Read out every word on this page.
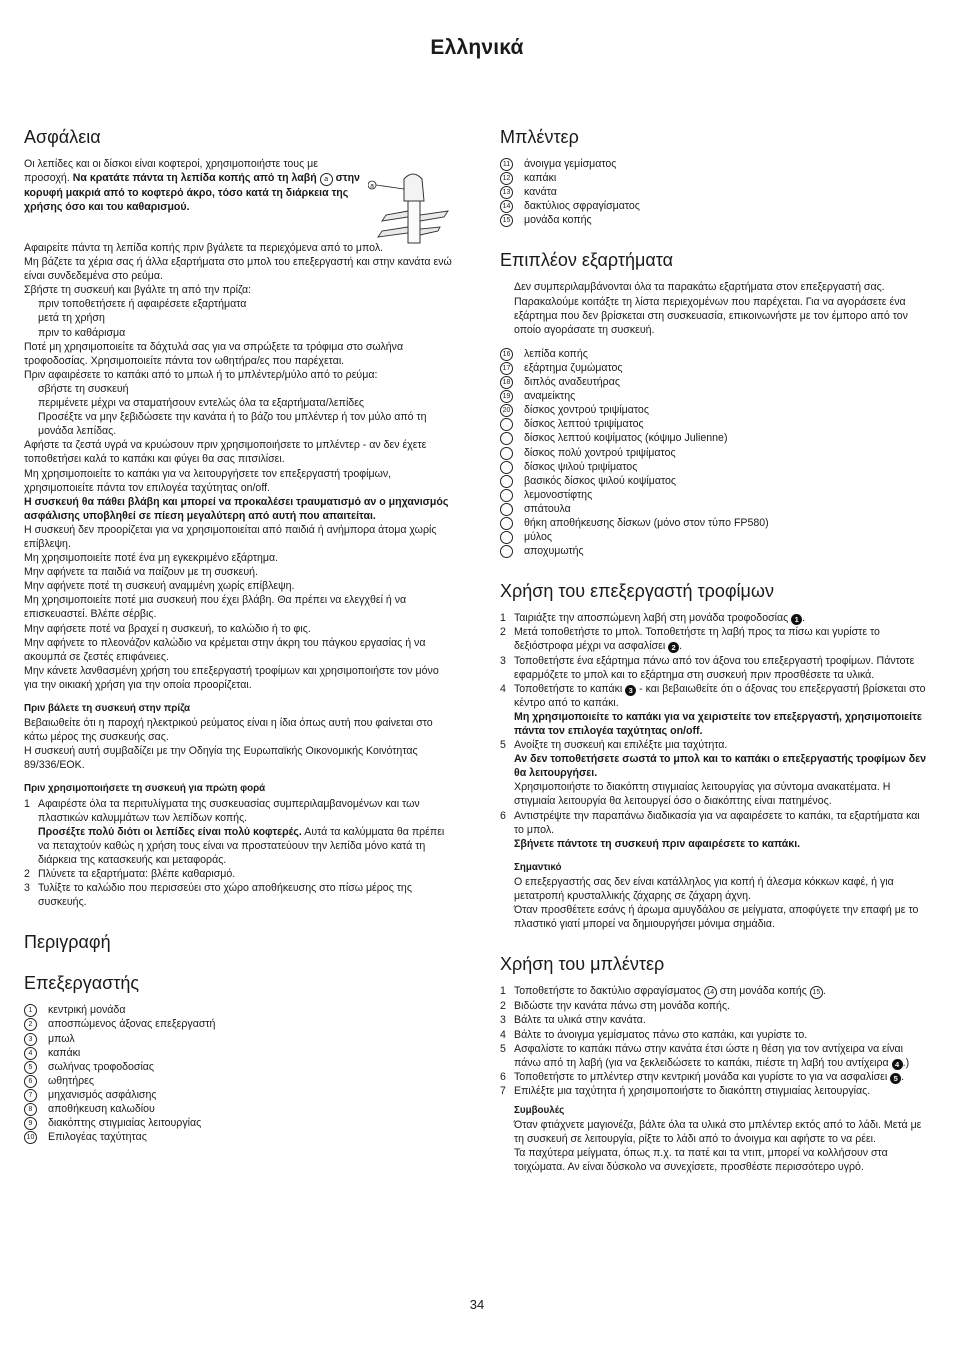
Ελληνικά
Ασφάλεια

Οι λεπίδες και οι δίσκοι είναι κοφτεροί, χρησιμοποιήστε τους με προσοχή. Να κρατάτε πάντα τη λεπίδα κοπής από τη λαβή a στην κορυφή μακριά από το κοφτερό άκρο, τόσο κατά τη διάρκεια της χρήσης όσο και του καθαρισμού.

a

Αφαιρείτε πάντα τη λεπίδα κοπής πριν βγάλετε τα περιεχόμενα από το μπολ.

Μη βάζετε τα χέρια σας ή άλλα εξαρτήματα στο μπολ του επεξεργαστή και στην κανάτα ενώ είναι συνδεδεμένα στο ρεύμα.

Σβήστε τη συσκευή και βγάλτε τη από την πρίζα:

πριν τοποθετήσετε ή αφαιρέσετε εξαρτήματα

μετά τη χρήση

πριν το καθάρισμα

Ποτέ μη χρησιμοποιείτε τα δάχτυλά σας για να σπρώξετε τα τρόφιμα στο σωλήνα τροφοδοσίας. Χρησιμοποιείτε πάντα τον ωθητήρα/ες που παρέχεται.

Πριν αφαιρέσετε το καπάκι από το μπωλ ή το μπλέντερ/μύλο από το ρεύμα:

σβήστε τη συσκευή

περιμένετε μέχρι να σταματήσουν εντελώς όλα τα εξαρτήματα/λεπίδες

Προσέξτε να μην ξεβιδώσετε την κανάτα ή το βάζο του μπλέντερ ή τον μύλο από τη μονάδα λεπίδας.

Αφήστε τα ζεστά υγρά να κρυώσουν πριν χρησιμοποιήσετε το μπλέντερ - αν δεν έχετε τοποθετήσει καλά το καπάκι και φύγει θα σας πιτσιλίσει.

Μη χρησιμοποιείτε το καπάκι για να λειτουργήσετε τον επεξεργαστή τροφίμων, χρησιμοποιείτε πάντα τον επιλογέα ταχύτητας on/off.

Η συσκευή θα πάθει βλάβη και μπορεί να προκαλέσει τραυματισμό αν ο μηχανισμός ασφάλισης υποβληθεί σε πίεση μεγαλύτερη από αυτή που απαιτείται.

Η συσκευή δεν προορίζεται για να χρησιμοποιείται από παιδιά ή ανήμπορα άτομα χωρίς επίβλεψη.

Μη χρησιμοποιείτε ποτέ ένα μη εγκεκριμένο εξάρτημα.

Μην αφήνετε τα παιδιά να παίζουν με τη συσκευή.

Μην αφήνετε ποτέ τη συσκευή αναμμένη χωρίς επίβλεψη.

Μη χρησιμοποιείτε ποτέ μια συσκευή που έχει βλάβη. Θα πρέπει να ελεγχθεί ή να επισκευαστεί. Βλέπε σέρβις.

Μην αφήσετε ποτέ να βραχεί η συσκευή, το καλώδιο ή το φις.

Μην αφήνετε το πλεονάζον καλώδιο να κρέμεται στην άκρη του πάγκου εργασίας ή να ακουμπά σε ζεστές επιφάνειες.

Μην κάνετε λανθασμένη χρήση του επεξεργαστή τροφίμων και χρησιμοποιήστε τον μόνο για την οικιακή χρήση για την οποία προορίζεται.

Πριν βάλετε τη συσκευή στην πρίζα

Βεβαιωθείτε ότι η παροχή ηλεκτρικού ρεύματος είναι η ίδια όπως αυτή που φαίνεται στο κάτω μέρος της συσκευής σας.

Η συσκευή αυτή συμβαδίζει με την Οδηγία της Ευρωπαϊκής Οικονομικής Κοινότητας 89/336/ΕΟΚ.

Πριν χρησιμοποιήσετε τη συσκευή για πρώτη φορά

1 Αφαιρέστε όλα τα περιτυλίγματα της συσκευασίας συμπεριλαμβανομένων και των πλαστικών καλυμμάτων των λεπίδων κοπής.
Προσέξτε πολύ διότι οι λεπίδες είναι πολύ κοφτερές. Αυτά τα καλύμματα θα πρέπει να πεταχτούν καθώς η χρήση τους είναι να προστατεύουν την λεπίδα μόνο κατά τη διάρκεια της κατασκευής και μεταφοράς.
2 Πλύνετε τα εξαρτήματα: βλέπε καθαρισμό.
3 Τυλίξτε το καλώδιο που περισσεύει στο χώρο αποθήκευσης στο πίσω μέρος της συσκευής.
Περιγραφή
Επεξεργαστής
1	κεντρική μονάδα
2	αποσπώμενος άξονας επεξεργαστή
3	μπωλ
4	καπάκι
5	σωλήνας τροφοδοσίας
6	ωθητήρες
7	μηχανισμός ασφάλισης
8	αποθήκευση καλωδίου
9	διακόπτης στιγμιαίας λειτουργίας
10 Επιλογέας ταχύτητας
Μπλέντερ
11 άνοιγμα γεμίσματος
12 καπάκι
13 κανάτα
14 δακτύλιος σφραγίσματος
15 μονάδα κοπής
Επιπλέον εξαρτήματα

Δεν συμπεριλαμβάνονται όλα τα παρακάτω εξαρτήματα στον επεξεργαστή σας. Παρακαλούμε κοιτάξτε τη λίστα περιεχομένων που παρέχεται. Για να αγοράσετε ένα εξάρτημα που δεν βρίσκεται στη συσκευασία, επικοινωνήστε με τον έμπορο από τον οποίο αγοράσατε τη συσκευή.

16 λεπίδα κοπής
17 εξάρτημα ζυμώματος
18 διπλός αναδευτήρας
19 αναμείκτης
20 δίσκος χοντρού τριψίματος
δίσκος λεπτού τριψίματος
δίσκος λεπτού κοψίματος (κόψιμο Julienne)
δίσκος πολύ χοντρού τριψίματος
δίσκος ψιλού τριψίματος
βασικός δίσκος ψιλού κοψίματος
λεμονοστίφτης
σπάτουλα
θήκη αποθήκευσης δίσκων (μόνο στον τύπο FP580)
μύλος
αποχυμωτής
Χρήση του επεξεργαστή τροφίμων
1 Ταιριάξτε την αποσπώμενη λαβή στη μονάδα τροφοδοσίας 1 .
2 Μετά τοποθετήστε το μπολ. Τοποθετήστε τη λαβή προς τα πίσω και γυρίστε το δεξιόστροφα μέχρι να ασφαλίσει 2 .
3 Τοποθετήστε ένα εξάρτημα πάνω από τον άξονα του επεξεργαστή τροφίμων. Πάντοτε εφαρμόζετε το μπολ και το εξάρτημα στη συσκευή πριν προσθέσετε τα υλικά.
4 Τοποθετήστε το καπάκι 3 - και βεβαιωθείτε ότι ο άξονας του επεξεργαστή βρίσκεται στο κέντρο από το καπάκι.
Μη χρησιμοποιείτε το καπάκι για να χειριστείτε τον επεξεργαστή, χρησιμοποιείτε πάντα τον επιλογέα ταχύτητας on/off.
5 Ανοίξτε τη συσκευή και επιλέξτε μια ταχύτητα.
Αν δεν τοποθετήσετε σωστά το μπολ και το καπάκι ο επεξεργαστής τροφίμων δεν θα λειτουργήσει.
Χρησιμοποιήστε το διακόπτη στιγμιαίας λειτουργίας για σύντομα ανακατέματα. Η στιγμιαία λειτουργία θα λειτουργεί όσο ο διακόπτης είναι πατημένος.
6 Αντιστρέψτε την παραπάνω διαδικασία για να αφαιρέσετε το καπάκι, τα εξαρτήματα και το μπολ.
Σβήνετε πάντοτε τη συσκευή πριν αφαιρέσετε το καπάκι.

Σημαντικό

Ο επεξεργαστής σας δεν είναι κατάλληλος για κοπή ή άλεσμα κόκκων καφέ, ή για μετατροπή κρυσταλλικής ζάχαρης σε ζάχαρη άχνη.

Όταν προσθέτετε εσάνς ή άρωμα αμυγδάλου σε μείγματα, αποφύγετε την επαφή με το πλαστικό γιατί μπορεί να δημιουργήσει μόνιμα σημάδια.

Χρήση του μπλέντερ
1 Τοποθετήστε το δακτύλιο σφραγίσματος 14 στη μονάδα κοπής 15 .
2 Βιδώστε την κανάτα πάνω στη μονάδα κοπής.
3 Βάλτε τα υλικά στην κανάτα.
4 Βάλτε το άνοιγμα γεμίσματος πάνω στο καπάκι, και γυρίστε το.
5 Ασφαλίστε το καπάκι πάνω στην κανάτα έτσι ώστε η θέση για τον αντίχειρα να είναι πάνω από τη λαβή (για να ξεκλειδώσετε το καπάκι, πιέστε τη λαβή του αντίχειρα 4 .)
6 Τοποθετήστε το μπλέντερ στην κεντρική μονάδα και γυρίστε το για να ασφαλίσει 5 .
7 Επιλέξτε μια ταχύτητα ή χρησιμοποιήστε το διακόπτη στιγμιαίας λειτουργίας.

Συμβουλές

Όταν φτιάχνετε μαγιονέζα, βάλτε όλα τα υλικά στο μπλέντερ εκτός από το λάδι. Μετά με τη συσκευή σε λειτουργία, ρίξτε το λάδι από το άνοιγμα και αφήστε το να ρέει.

Τα παχύτερα μείγματα, όπως π.χ. τα πατέ και τα ντιπ, μπορεί να κολλήσουν στα τοιχώματα. Αν είναι δύσκολο να συνεχίσετε, προσθέστε περισσότερο υγρό.

34
